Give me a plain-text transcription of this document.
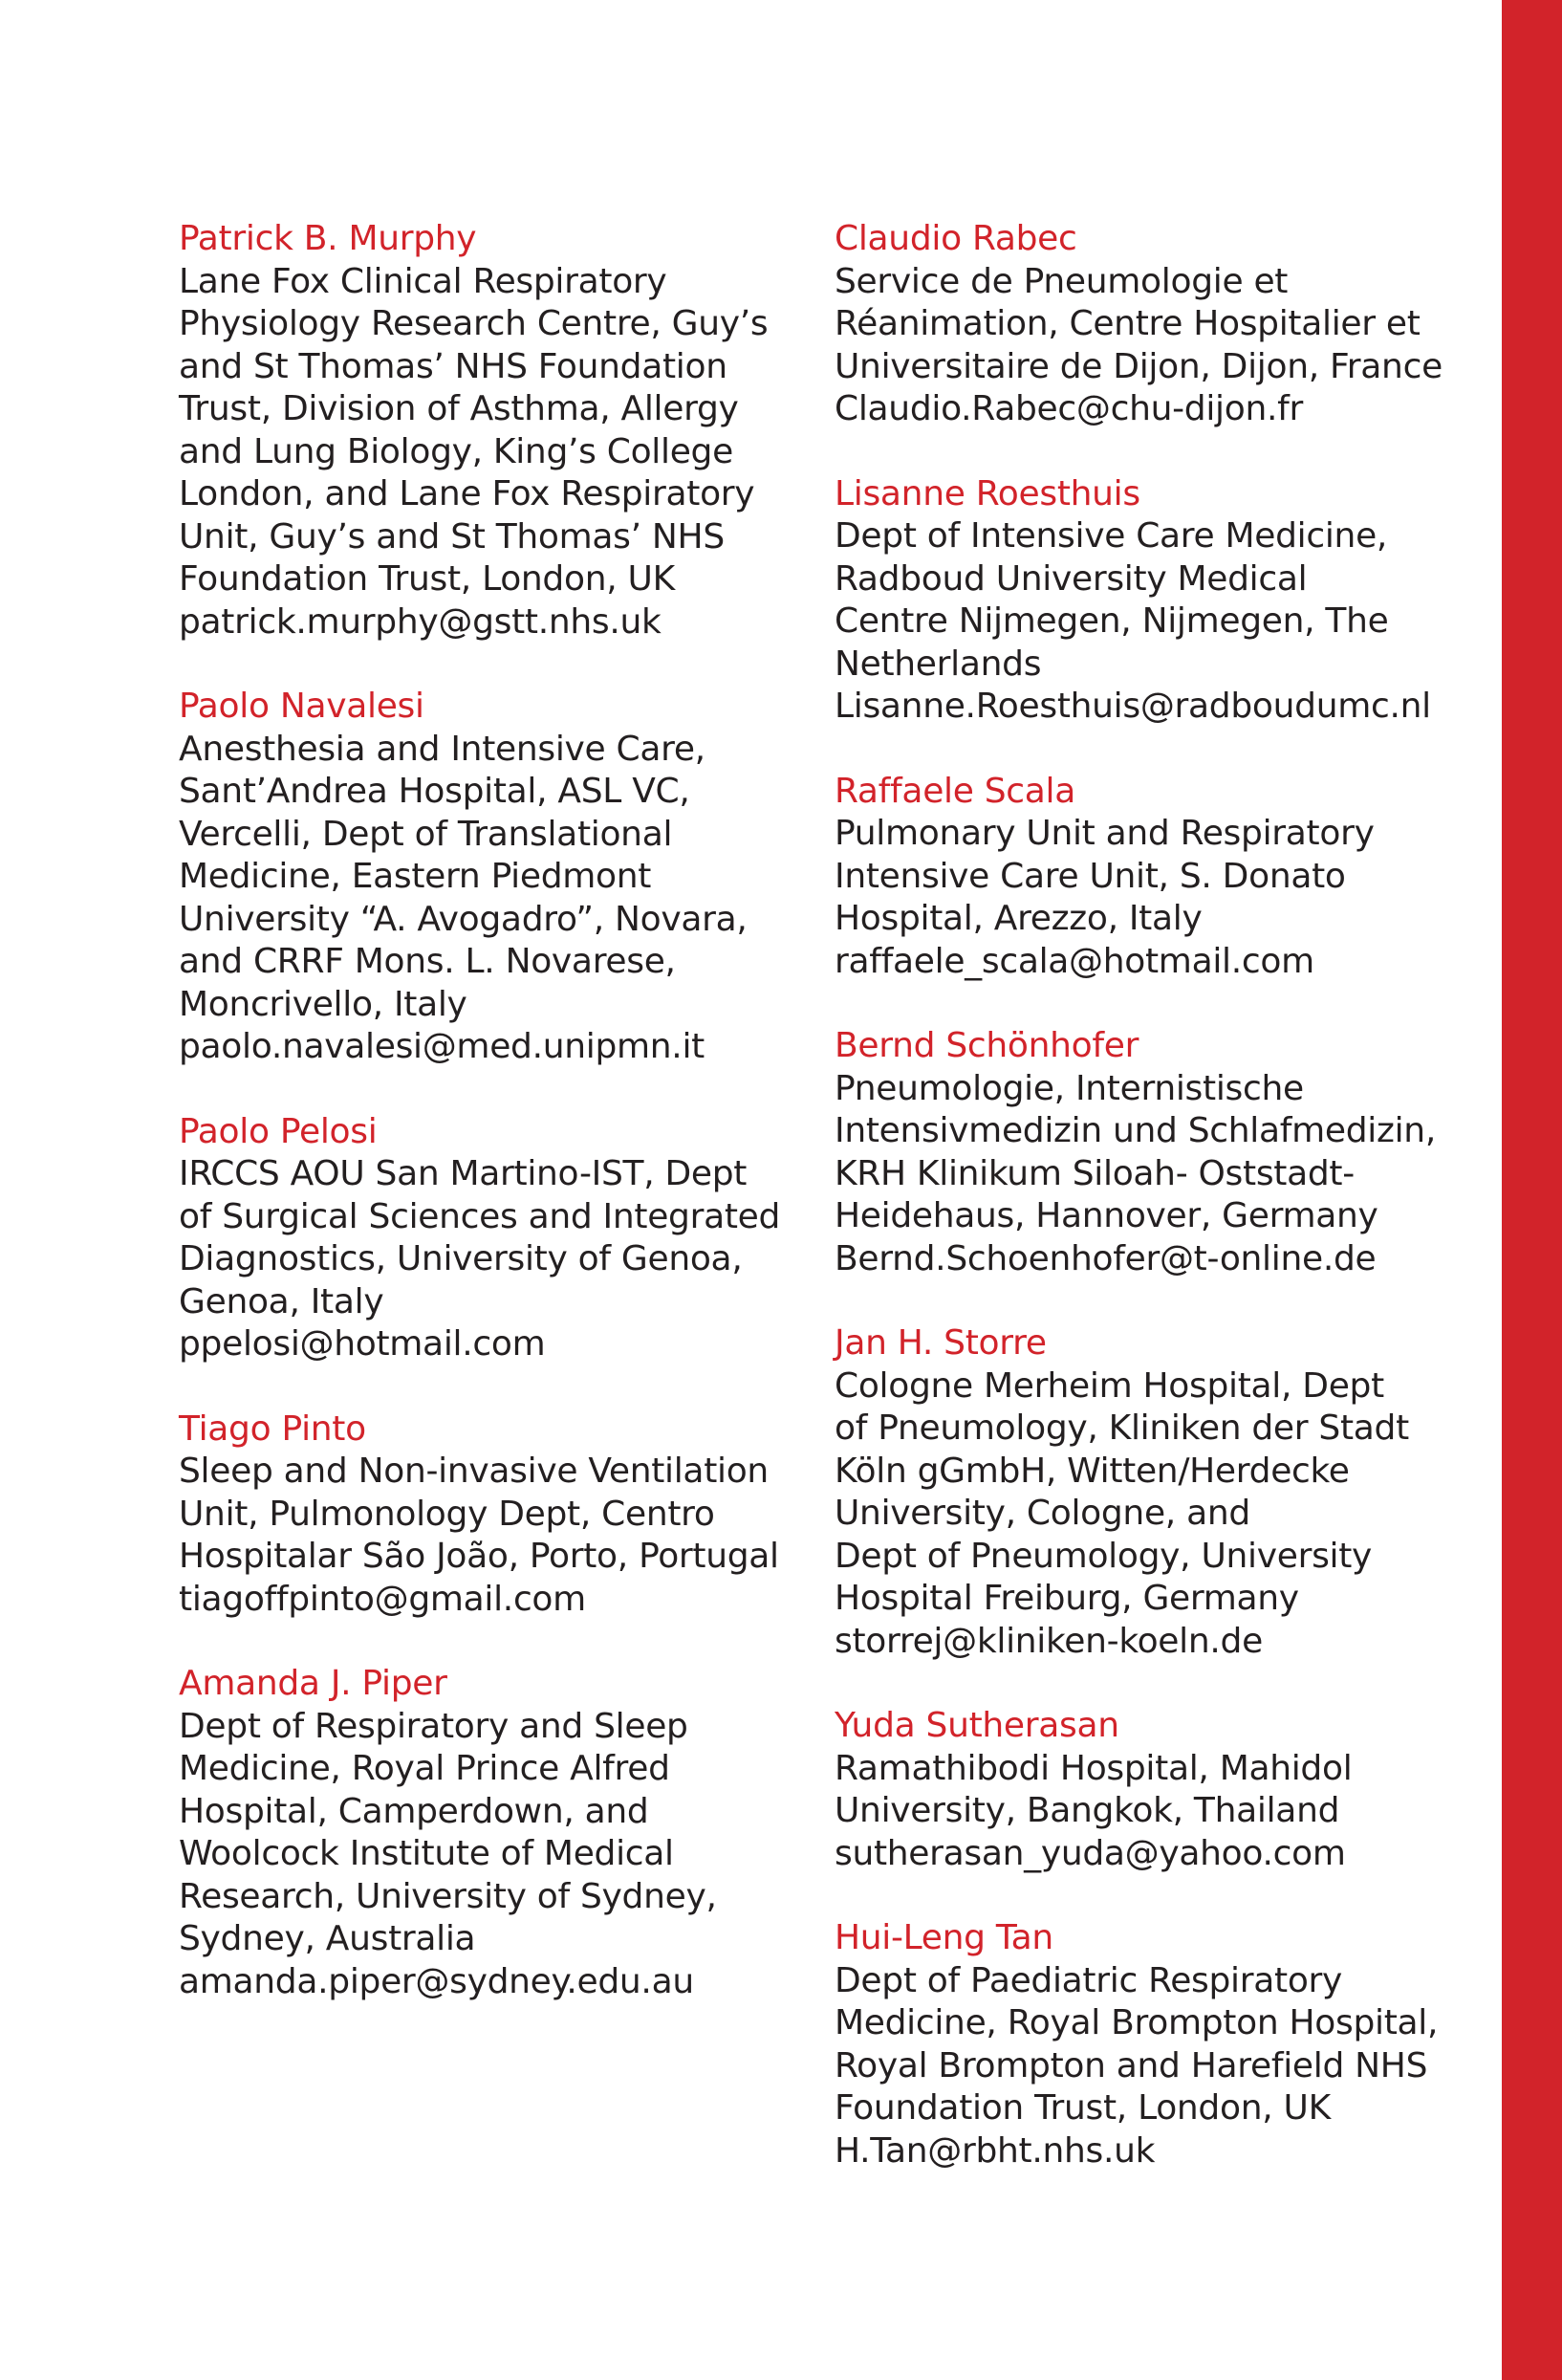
Patrick B. Murphy
Lane Fox Clinical Respiratory
Physiology Research Centre, Guy’s
and St Thomas’ NHS Foundation
Trust, Division of Asthma, Allergy
and Lung Biology, King’s College
London, and Lane Fox Respiratory
Unit, Guy’s and St Thomas’ NHS
Foundation Trust, London, UK
patrick.murphy@gstt.nhs.uk
Paolo Navalesi
Anesthesia and Intensive Care,
Sant’Andrea Hospital, ASL VC,
Vercelli, Dept of Translational
Medicine, Eastern Piedmont
University “A. Avogadro”, Novara,
and CRRF Mons. L. Novarese,
Moncrivello, Italy
paolo.navalesi@med.unipmn.it
Paolo Pelosi
IRCCS AOU San Martino-IST, Dept
of Surgical Sciences and Integrated
Diagnostics, University of Genoa,
Genoa, Italy
ppelosi@hotmail.com
Tiago Pinto
Sleep and Non-invasive Ventilation
Unit, Pulmonology Dept, Centro
Hospitalar São João, Porto, Portugal
tiagoffpinto@gmail.com
Amanda J. Piper
Dept of Respiratory and Sleep
Medicine, Royal Prince Alfred
Hospital, Camperdown, and
Woolcock Institute of Medical
Research, University of Sydney,
Sydney, Australia
amanda.piper@sydney.edu.au
Claudio Rabec
Service de Pneumologie et
Réanimation, Centre Hospitalier et
Universitaire de Dijon, Dijon, France
Claudio.Rabec@chu-dijon.fr
Lisanne Roesthuis
Dept of Intensive Care Medicine,
Radboud University Medical
Centre Nijmegen, Nijmegen, The
Netherlands
Lisanne.Roesthuis@radboudumc.nl
Raffaele Scala
Pulmonary Unit and Respiratory
Intensive Care Unit, S. Donato
Hospital, Arezzo, Italy
raffaele_scala@hotmail.com
Bernd Schönhofer
Pneumologie, Internistische
Intensivmedizin und Schlafmedizin,
KRH Klinikum Siloah- Oststadt-
Heidehaus, Hannover, Germany
Bernd.Schoenhofer@t-online.de
Jan H. Storre
Cologne Merheim Hospital, Dept
of Pneumology, Kliniken der Stadt
Köln gGmbH, Witten/Herdecke
University, Cologne, and
Dept of Pneumology, University
Hospital Freiburg, Germany
storrej@kliniken-koeln.de
Yuda Sutherasan
Ramathibodi Hospital, Mahidol
University, Bangkok, Thailand
sutherasan_yuda@yahoo.com
Hui-Leng Tan
Dept of Paediatric Respiratory
Medicine, Royal Brompton Hospital,
Royal Brompton and Harefield NHS
Foundation Trust, London, UK
H.Tan@rbht.nhs.uk
